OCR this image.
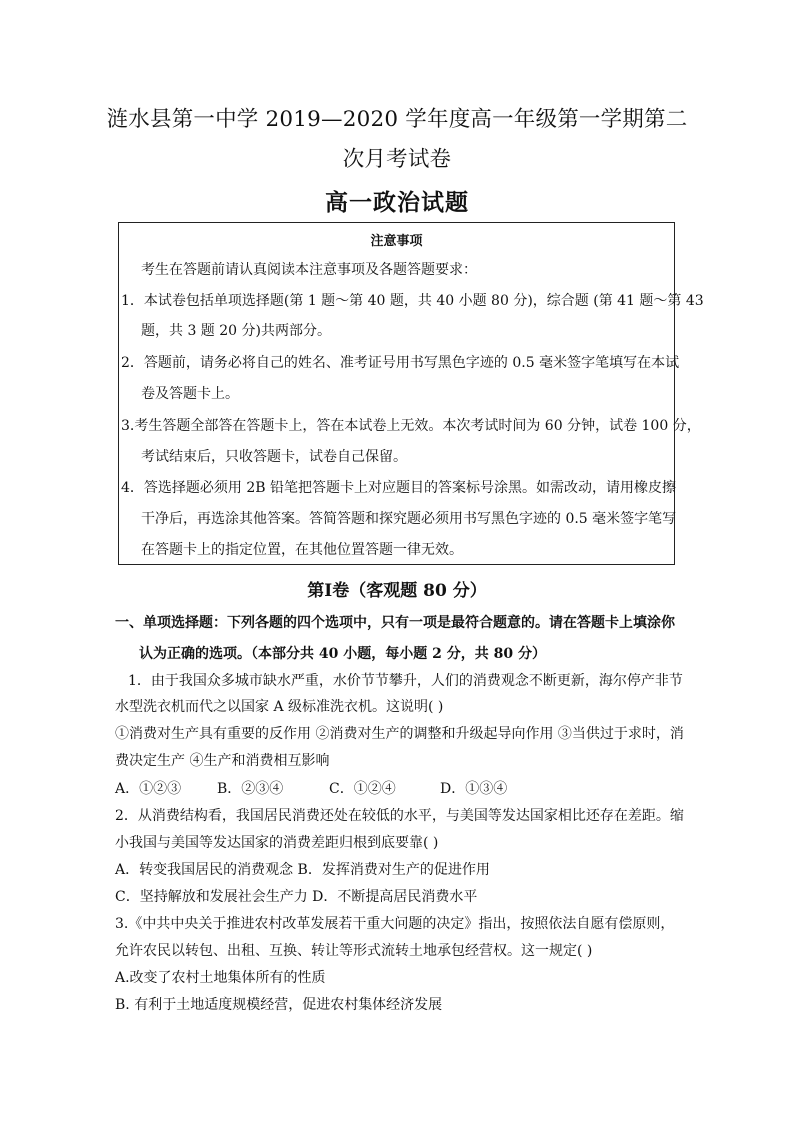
涟水县第一中学 2019—2020 学年度高一年级第一学期第二次月考试卷
高一政治试题
注意事项
考生在答题前请认真阅读本注意事项及各题答题要求：
1．本试卷包括单项选择题(第 1 题～第 40 题，共 40 小题 80 分)，综合题 (第 41 题～第 43
题，共 3 题 20 分)共两部分。
2．答题前，请务必将自己的姓名、准考证号用书写黑色字迹的 0.5 毫米签字笔填写在本试
卷及答题卡上。
3.考生答题全部答在答题卡上，答在本试卷上无效。本次考试时间为 60 分钟，试卷 100 分，
考试结束后，只收答题卡，试卷自己保留。
4．答选择题必须用 2B 铅笔把答题卡上对应题目的答案标号涂黑。如需改动，请用橡皮擦
干净后，再选涂其他答案。答简答题和探究题必须用书写黑色字迹的 0.5 毫米签字笔写
在答题卡上的指定位置，在其他位置答题一律无效。
第Ⅰ卷（客观题 80 分）
一、单项选择题：下列各题的四个选项中，只有一项是最符合题意的。请在答题卡上填涂你
认为正确的选项。（本部分共 40 小题，每小题 2 分，共 80 分）
1．由于我国众多城市缺水严重，水价节节攀升，人们的消费观念不断更新，海尔停产非节
水型洗衣机而代之以国家 A 级标准洗衣机。这说明( )
①消费对生产具有重要的反作用 ②消费对生产的调整和升级起导向作用 ③当供过于求时，消
费决定生产 ④生产和消费相互影响
A．①②③	B．②③④	C．①②④	D．①③④
2．从消费结构看，我国居民消费还处在较低的水平，与美国等发达国家相比还存在差距。缩
小我国与美国等发达国家的消费差距归根到底要靠( )
A．转变我国居民的消费观念 B．发挥消费对生产的促进作用
C．坚持解放和发展社会生产力 D．不断提高居民消费水平
3.《中共中央关于推进农村改革发展若干重大问题的决定》指出，按照依法自愿有偿原则，
允许农民以转包、出租、互换、转让等形式流转土地承包经营权。这一规定( )
A.改变了农村土地集体所有的性质
B. 有利于土地适度规模经营，促进农村集体经济发展
